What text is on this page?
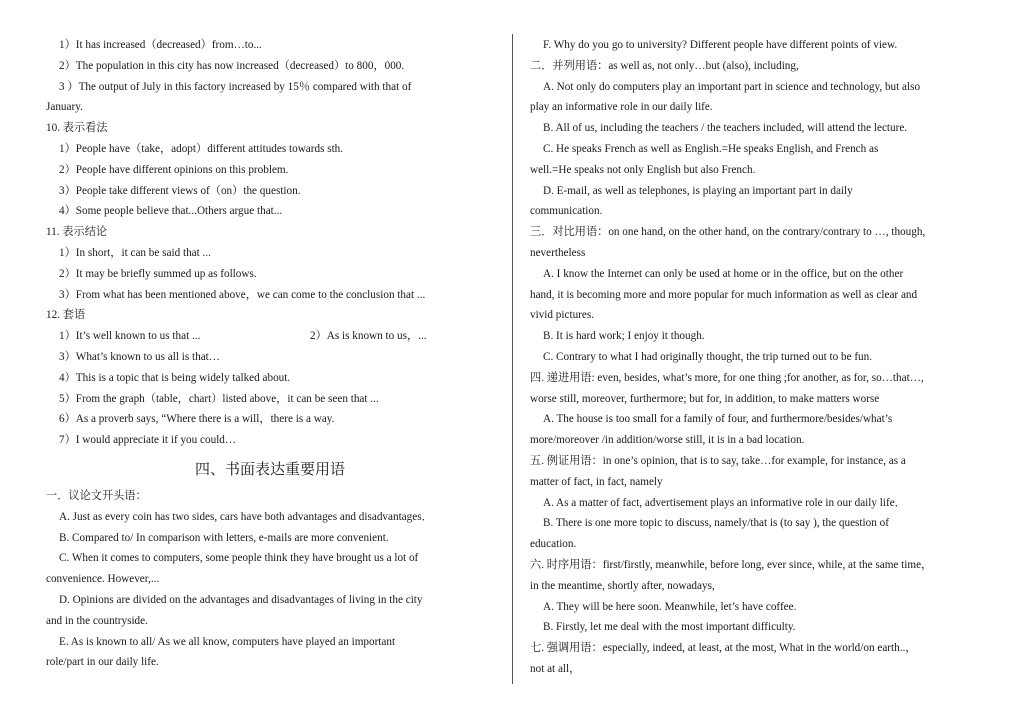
1）It has increased（decreased）from…to...
2）The population in this city has now increased（decreased）to 800，000.
3 ）The output of July in this factory increased by 15％ compared with that of
January.
10. 表示看法
1）People have（take，adopt）different attitudes towards sth.
2）People have different opinions on this problem.
3）People take different views of（on）the question.
4）Some people believe that...Others argue that...
11. 表示结论
1）In short，it can be said that ...
2）It may be briefly summed up as follows.
3）From what has been mentioned above，we can come to the conclusion that ...
12. 套语
1）It’s well known to us that ...	2）As is known to us，...
3）What’s known to us all is that…
4）This is a topic that is being widely talked about.
5）From the graph（table，chart）listed above，it can be seen that ...
6）As a proverb says, “Where there is a will，there is a way.
7）I would appreciate it if you could…
四、书面表达重要用语
一．议论文开头语：
A. Just as every coin has two sides, cars have both advantages and disadvantages．
B. Compared to/ In comparison with letters, e-mails are more convenient.
C. When it comes to computers, some people think they have brought us a lot of
convenience. However,...
D. Opinions are divided on the advantages and disadvantages of living in the city
and in the countryside.
E. As is known to all/ As we all know, computers have played an important
role/part in our daily life.
F. Why do you go to university? Different people have different points of view.
二．并列用语：as well as, not only…but (also), including,
A. Not only do computers play an important part in science and technology, but also
play an informative role in our daily life.
B. All of us, including the teachers / the teachers included, will attend the lecture.
C. He speaks French as well as English.=He speaks English, and French as
well.=He speaks not only English but also French.
D. E-mail, as well as telephones, is playing an important part in daily
communication.
三．对比用语：on one hand, on the other hand, on the contrary/contrary to …, though,
nevertheless
A. I know the Internet can only be used at home or in the office, but on the other
hand, it is becoming more and more popular for much information as well as clear and
vivid pictures.
B. It is hard work; I enjoy it though.
C. Contrary to what I had originally thought, the trip turned out to be fun.
四. 递进用语: even, besides, what’s more, for one thing ;for another, as for, so…that…,
worse still, moreover, furthermore; but for, in addition, to make matters worse
A. The house is too small for a family of four, and furthermore/besides/what’s
more/moreover /in addition/worse still, it is in a bad location.
五. 例证用语：in one’s opinion, that is to say, take…for example, for instance, as a
matter of fact, in fact, namely
A. As a matter of fact, advertisement plays an informative role in our daily life．
B. There is one more topic to discuss, namely/that is (to say ), the question of
education.
六. 时序用语：first/firstly, meanwhile, before long, ever since, while, at the same time，
in the meantime, shortly after, nowadays,
A. They will be here soon. Meanwhile, let’s have coffee.
B. Firstly, let me deal with the most important difficulty.
七. 强调用语：especially, indeed, at least, at the most, What in the world/on earth..，
not at all，
